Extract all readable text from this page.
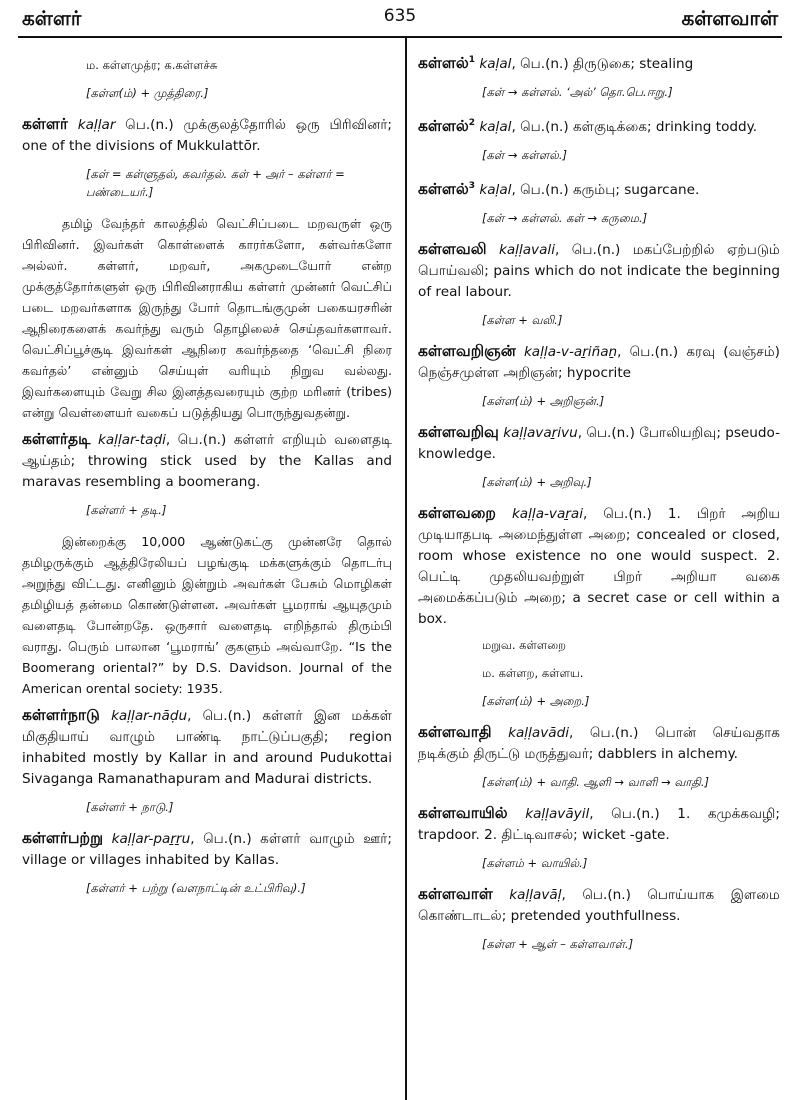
கள்ளர்	635	கள்ளவாள்
ம. கள்ளமுத்ர; க.கள்ளச்சு
[கள்ள(ம்) + முத்திரை.]
கள்ளர் kaḷḷar பெ.(n.) முக்குலத்தோரில் ஒரு பிரிவினர்; one of the divisions of Mukkulattōr.
[கள் = கள்ளுதல், கவர்தல். கள் + அர் – கள்ளர் = பண்டையர்.]
தமிழ் வேந்தர் காலத்தில் வெட்சிப்படை மறவருள் ஒரு பிரிவினர். இவர்கள் கொள்ளைக் காரர்களோ, கள்வர்களோ அல்லர். கள்ளர், மறவர், அகமுடையோர் என்ற முக்குத்தோர்களுள் ஒரு பிரிவினராகிய கள்ளர் முன்னர் வெட்சிப் படை மறவர்களாக இருந்து போர் தொடங்குமுன் பகையரசரின் ஆநிரைகளைக் கவர்ந்து வரும் தொழிலைச் செய்தவர்களாவர். வெட்சிப்பூச்சூடி இவர்கள் ஆநிரை கவர்ந்ததை ‘வெட்சி நிரை கவர்தல்’ என்னும் செய்யுள் வரியும் நிறுவ வல்லது. இவர்களையும் வேறு சில இனத்தவரையும் குற்ற மரினர் (tribes) என்று வெள்ளையர் வகைப் படுத்தியது பொருந்துவதன்று.
கள்ளர்தடி kaḷḷar-taḍi, பெ.(n.) கள்ளர் எறியும் வளைதடி ஆய்தம்; throwing stick used by the Kallas and maravas resembling a boomerang.
[கள்ளர் + தடி.]
இன்றைக்கு 10,000 ஆண்டுகட்கு முன்னரே தொல் தமிழருக்கும் ஆத்திரேலியப் பழங்குடி மக்களுக்கும் தொடர்பு அறுந்து விட்டது. எனினும் இன்றும் அவர்கள் பேசும் மொழிகள் தமிழியத் தன்மை கொண்டுள்ளன. அவர்கள் பூமராங் ஆயுதமும் வளைதடி போன்றதே. ஒருசார் வளைதடி எறிந்தால் திரும்பி வராது. பெரும் பாலான ‘பூமராங்’ குகளும் அவ்வாறே. “Is the Boomerang oriental?” by D.S. Davidson. Journal of the American orental society: 1935.
கள்ளர்நாடு kaḷḷar-nāḍu, பெ.(n.) கள்ளர் இன மக்கள் மிகுதியாய் வாழும் பாண்டி நாட்டுப்பகுதி; region inhabited mostly by Kallar in and around Pudukottai Sivaganga Ramanathapuram and Madurai districts.
[கள்ளர் + நாடு.]
கள்ளர்பற்று kaḷḷar-paṟṟu, பெ.(n.) கள்ளர் வாழும் ஊர்; village or villages inhabited by Kallas.
[கள்ளர் + பற்று (வளநாட்டின் உட்பிரிவு).]
கள்ளல்$^1$ kaḷal, பெ.(n.) திருடுகை; stealing
[கள் → கள்ளல். ‘அல்’ தொ.பெ.ஈறு.]
கள்ளல்$^2$ kaḷal, பெ.(n.) கள்குடிக்கை; drinking toddy.
[கள் → கள்ளல்.]
கள்ளல்$^3$ kaḷal, பெ.(n.) கரும்பு; sugarcane.
[கள் → கள்ளல். கள் → கருமை.]
கள்ளவலி kaḷḷavali, பெ.(n.) மகப்பேற்றில் ஏற்படும் பொய்வலி; pains which do not indicate the beginning of real labour.
[கள்ள + வலி.]
கள்ளவறிஞன் kaḷḷa-v-aṟiñaṉ, பெ.(n.) கரவு (வஞ்சம்) நெஞ்சமுள்ள அறிஞன்; hypocrite
[கள்ள(ம்) + அறிஞன்.]
கள்ளவறிவு kaḷḷavaṟivu, பெ.(n.) போலியறிவு; pseudo-knowledge.
[கள்ள(ம்) + அறிவு.]
கள்ளவறை kaḷḷa-vaṟai, பெ.(n.) 1. பிறர் அறிய முடியாதபடி அமைந்துள்ள அறை; concealed or closed, room whose existence no one would suspect. 2. பெட்டி முதலியவற்றுள் பிறர் அறியா வகை அமைக்கப்படும் அறை; a secret case or cell within a box.
மறுவ. கள்ளறை
ம. கள்ளற, கள்ளய.
[கள்ள(ம்) + அறை.]
கள்ளவாதி kaḷḷavādi, பெ.(n.) பொன் செய்வதாக நடிக்கும் திருட்டு மருத்துவர்; dabblers in alchemy.
[கள்ள(ம்) + வாதி. ஆளி → வாளி → வாதி.]
கள்ளவாயில் kaḷḷavāyil, பெ.(n.) 1. கமுக்கவழி; trapdoor. 2. திட்டிவாசல்; wicket -gate.
[கள்ளம் + வாயில்.]
கள்ளவாள் kaḷḷavāḷ, பெ.(n.) பொய்யாக இளமை கொண்டாடல்; pretended youthfullness.
[கள்ள + ஆள் – கள்ளவாள்.]
